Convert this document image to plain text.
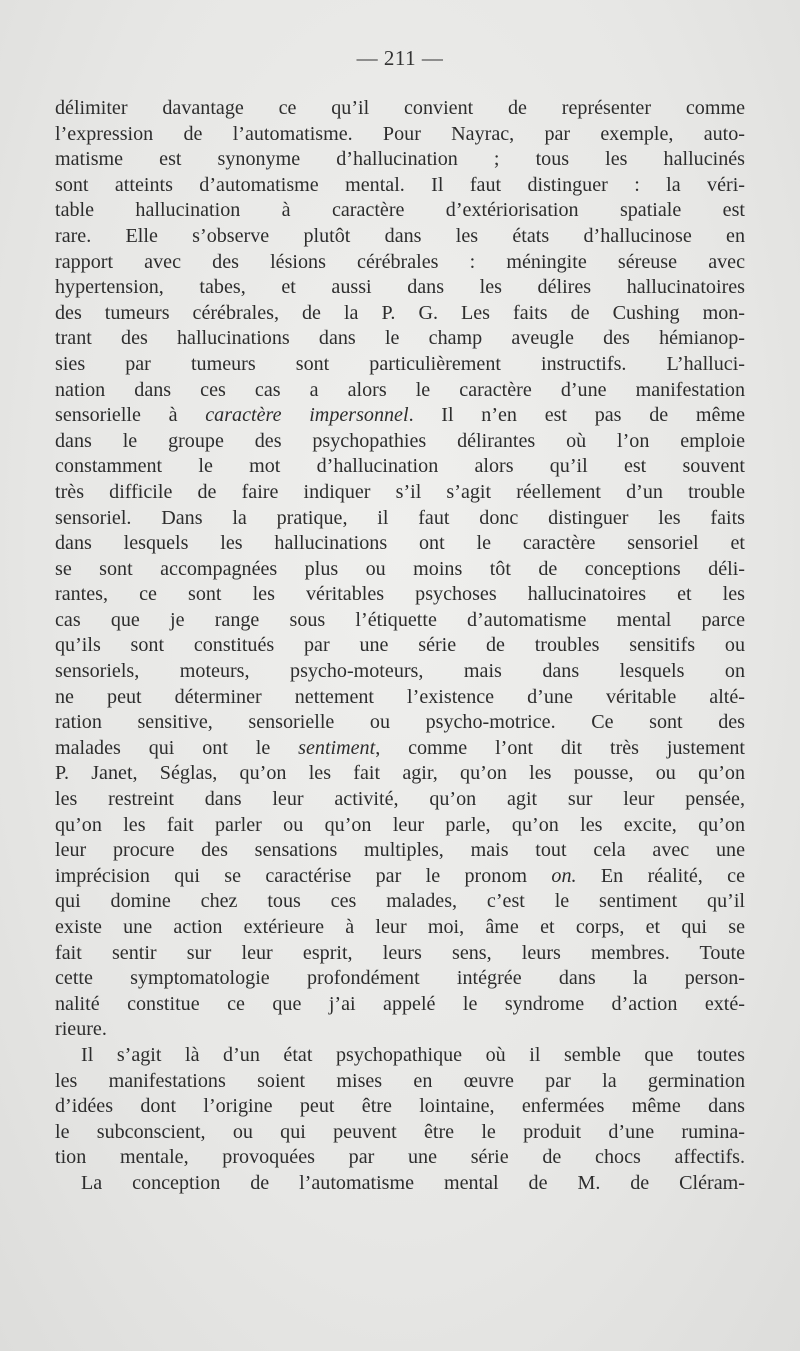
— 211 —
délimiter davantage ce qu’il convient de représenter comme
l’expression de l’automatisme. Pour Nayrac, par exemple, auto-
matisme est synonyme d’hallucination ; tous les hallucinés
sont atteints d’automatisme mental. Il faut distinguer : la véri-
table hallucination à caractère d’extériorisation spatiale est
rare. Elle s’observe plutôt dans les états d’hallucinose en
rapport avec des lésions cérébrales : méningite séreuse avec
hypertension, tabes, et aussi dans les délires hallucinatoires
des tumeurs cérébrales, de la P. G. Les faits de Cushing mon-
trant des hallucinations dans le champ aveugle des hémianop-
sies par tumeurs sont particulièrement instructifs. L’halluci-
nation dans ces cas a alors le caractère d’une manifestation
sensorielle à caractère impersonnel. Il n’en est pas de même
dans le groupe des psychopathies délirantes où l’on emploie
constamment le mot d’hallucination alors qu’il est souvent
très difficile de faire indiquer s’il s’agit réellement d’un trouble
sensoriel. Dans la pratique, il faut donc distinguer les faits
dans lesquels les hallucinations ont le caractère sensoriel et
se sont accompagnées plus ou moins tôt de conceptions déli-
rantes, ce sont les véritables psychoses hallucinatoires et les
cas que je range sous l’étiquette d’automatisme mental parce
qu’ils sont constitués par une série de troubles sensitifs ou
sensoriels, moteurs, psycho-moteurs, mais dans lesquels on
ne peut déterminer nettement l’existence d’une véritable alté-
ration sensitive, sensorielle ou psycho-motrice. Ce sont des
malades qui ont le sentiment, comme l’ont dit très justement
P. Janet, Séglas, qu’on les fait agir, qu’on les pousse, ou qu’on
les restreint dans leur activité, qu’on agit sur leur pensée,
qu’on les fait parler ou qu’on leur parle, qu’on les excite, qu’on
leur procure des sensations multiples, mais tout cela avec une
imprécision qui se caractérise par le pronom on. En réalité, ce
qui domine chez tous ces malades, c’est le sentiment qu’il
existe une action extérieure à leur moi, âme et corps, et qui se
fait sentir sur leur esprit, leurs sens, leurs membres. Toute
cette symptomatologie profondément intégrée dans la person-
nalité constitue ce que j’ai appelé le syndrome d’action exté-
rieure.
Il s’agit là d’un état psychopathique où il semble que toutes
les manifestations soient mises en œuvre par la germination
d’idées dont l’origine peut être lointaine, enfermées même dans
le subconscient, ou qui peuvent être le produit d’une rumina-
tion mentale, provoquées par une série de chocs affectifs.
La conception de l’automatisme mental de M. de Cléram-
